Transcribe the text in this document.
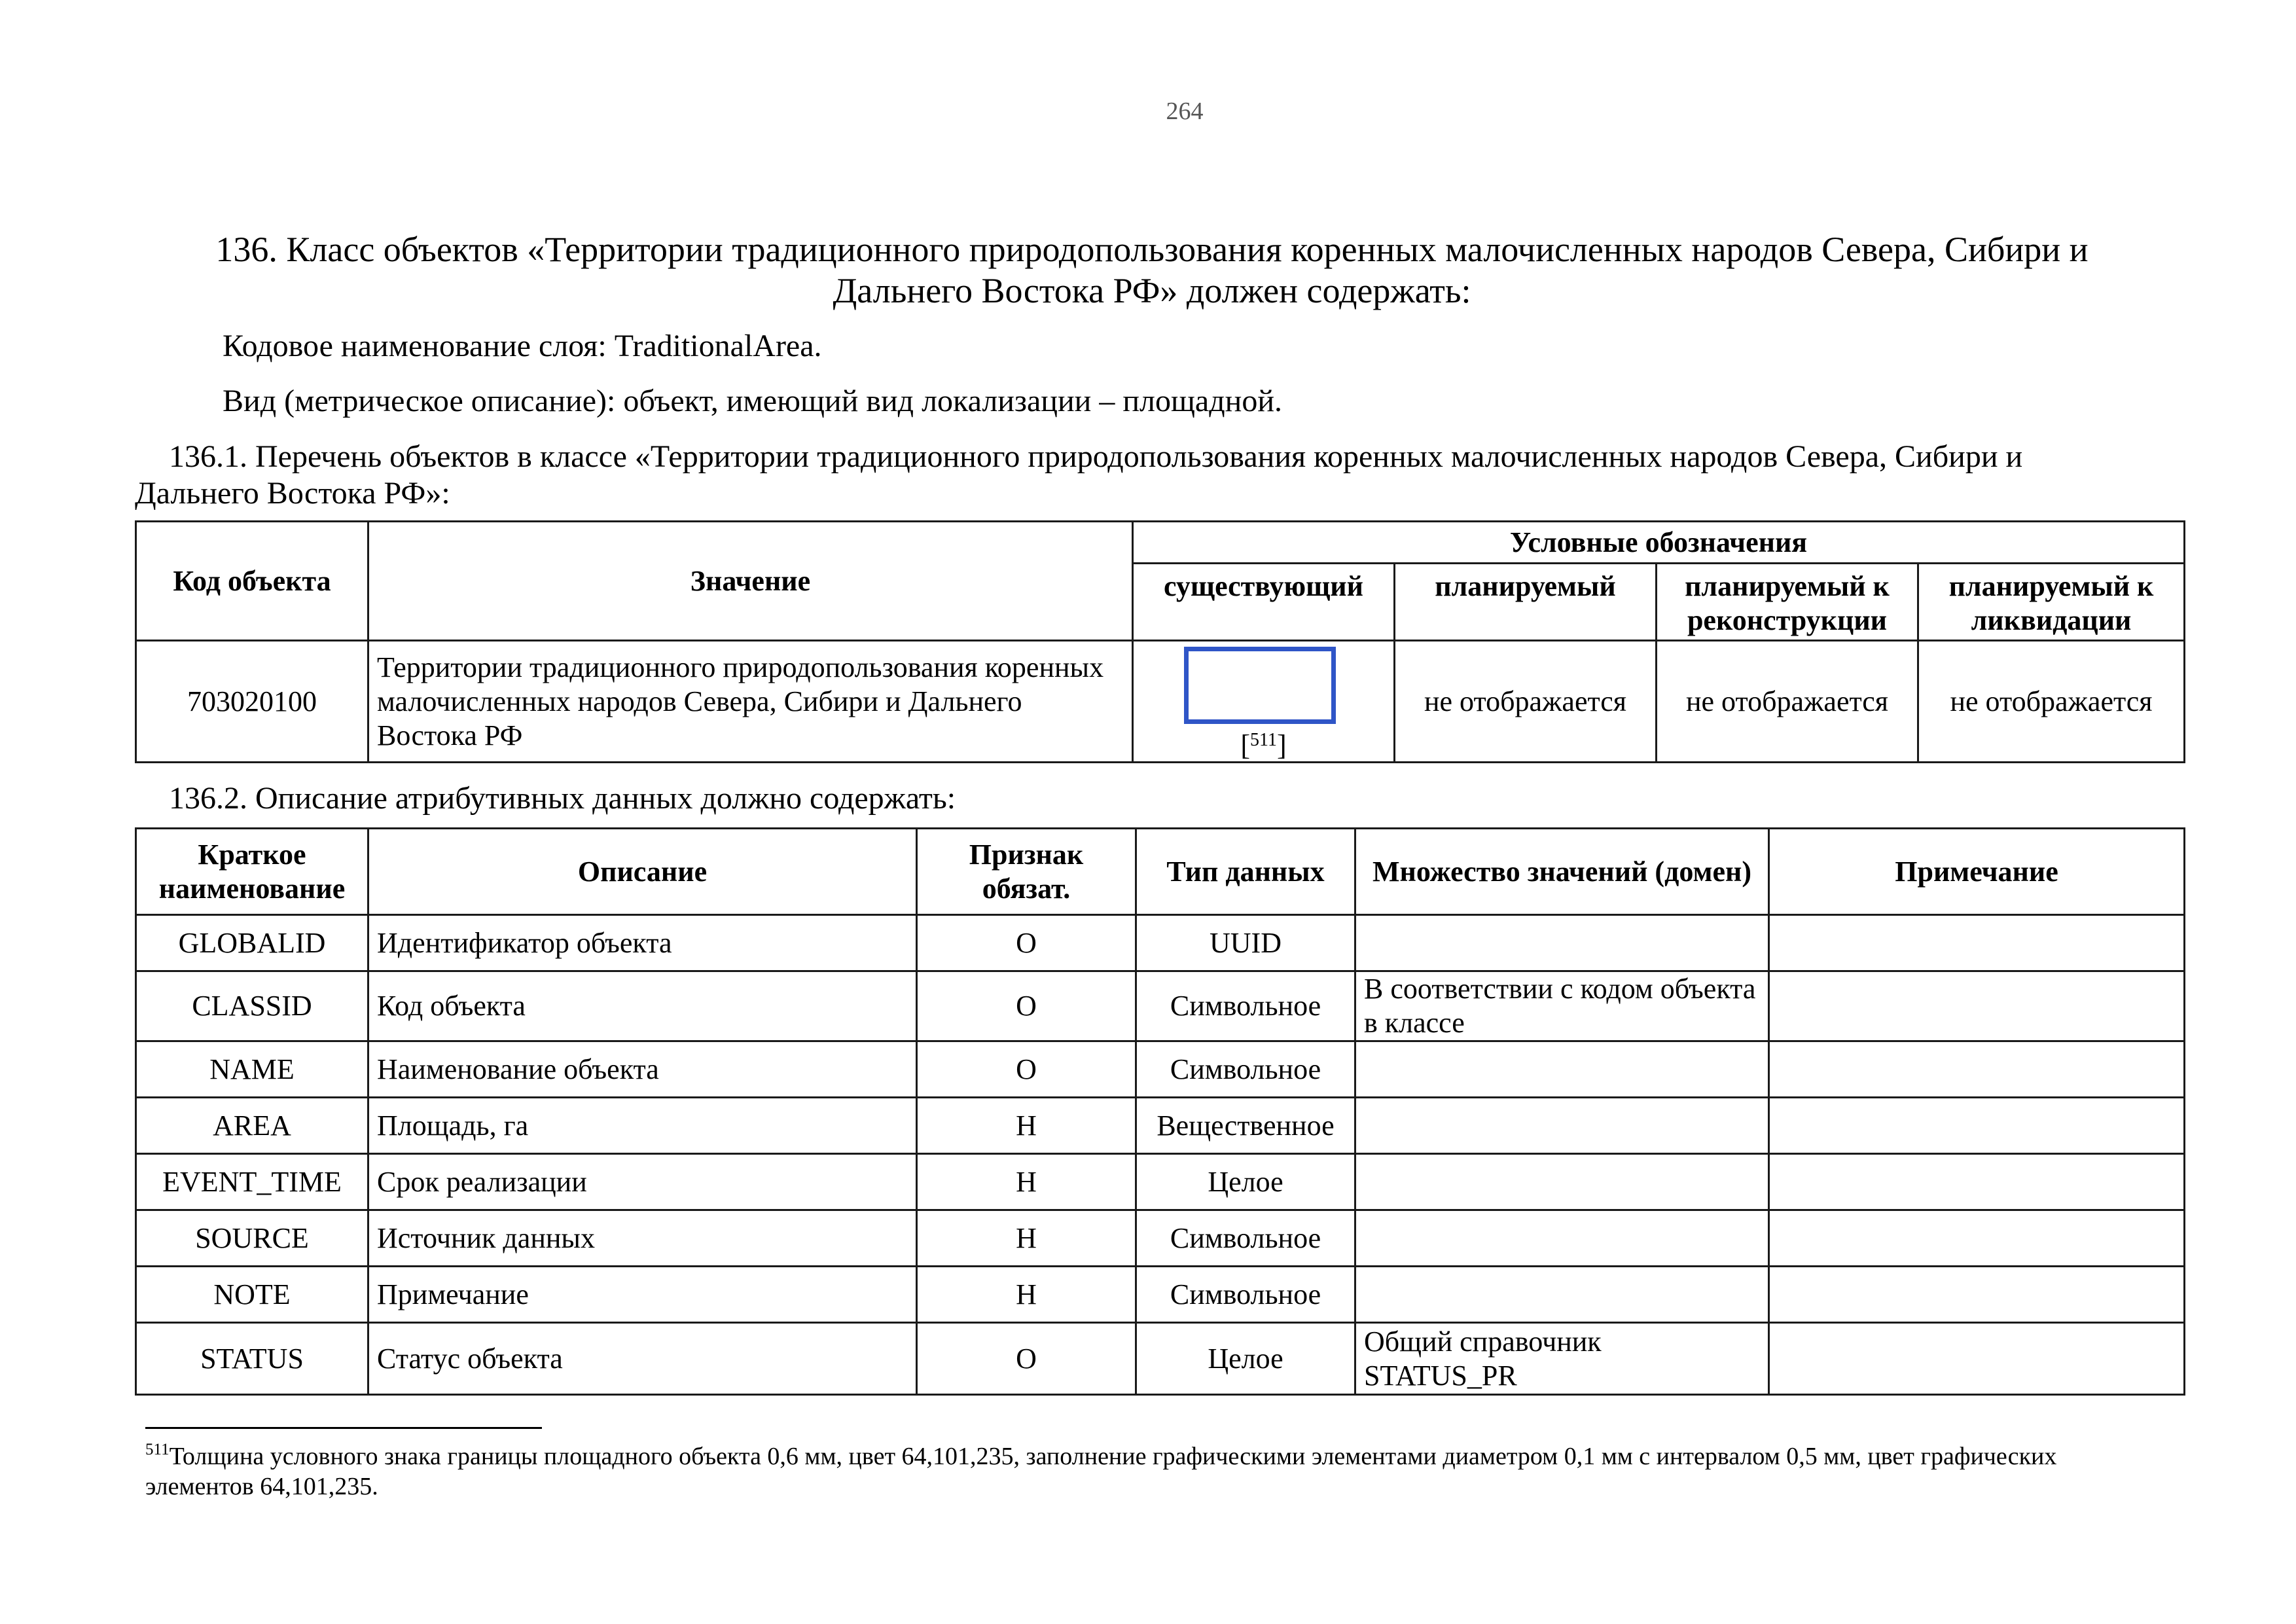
264
136. Класс объектов «Территории традиционного природопользования коренных малочисленных народов Севера, Сибири и Дальнего Востока РФ» должен содержать:
Кодовое наименование слоя: TraditionalArea.
Вид (метрическое описание): объект, имеющий вид локализации – площадной.
136.1. Перечень объектов в классе «Территории традиционного природопользования коренных малочисленных народов Севера, Сибири и
Дальнего Востока РФ»:
Код объекта	Значение	Условные обозначения			
		существующий	планируемый	планируемый к реконструкции	планируемый к ликвидации
703020100	Территории традиционного природопользования коренных малочисленных народов Севера, Сибири и Дальнего Востока РФ	[$^{511}$]	не отображается	не отображается	не отображается
136.2. Описание атрибутивных данных должно содержать:
Краткое наименование	Описание	Признак обязат.	Тип данных	Множество значений (домен)	Примечание
GLOBALID	Идентификатор объекта	О	UUID		
CLASSID	Код объекта	О	Символьное	В соответствии с кодом объекта в классе	
NAME	Наименование объекта	О	Символьное		
AREA	Площадь, га	Н	Вещественное		
EVENT_TIME	Срок реализации	Н	Целое		
SOURCE	Источник данных	Н	Символьное		
NOTE	Примечание	Н	Символьное		
STATUS	Статус объекта	О	Целое	Общий справочник STATUS_PR	
$^{511}$Толщина условного знака границы площадного объекта 0,6 мм, цвет 64,101,235, заполнение графическими элементами диаметром 0,1 мм с интервалом 0,5 мм, цвет графических элементов 64,101,235.
